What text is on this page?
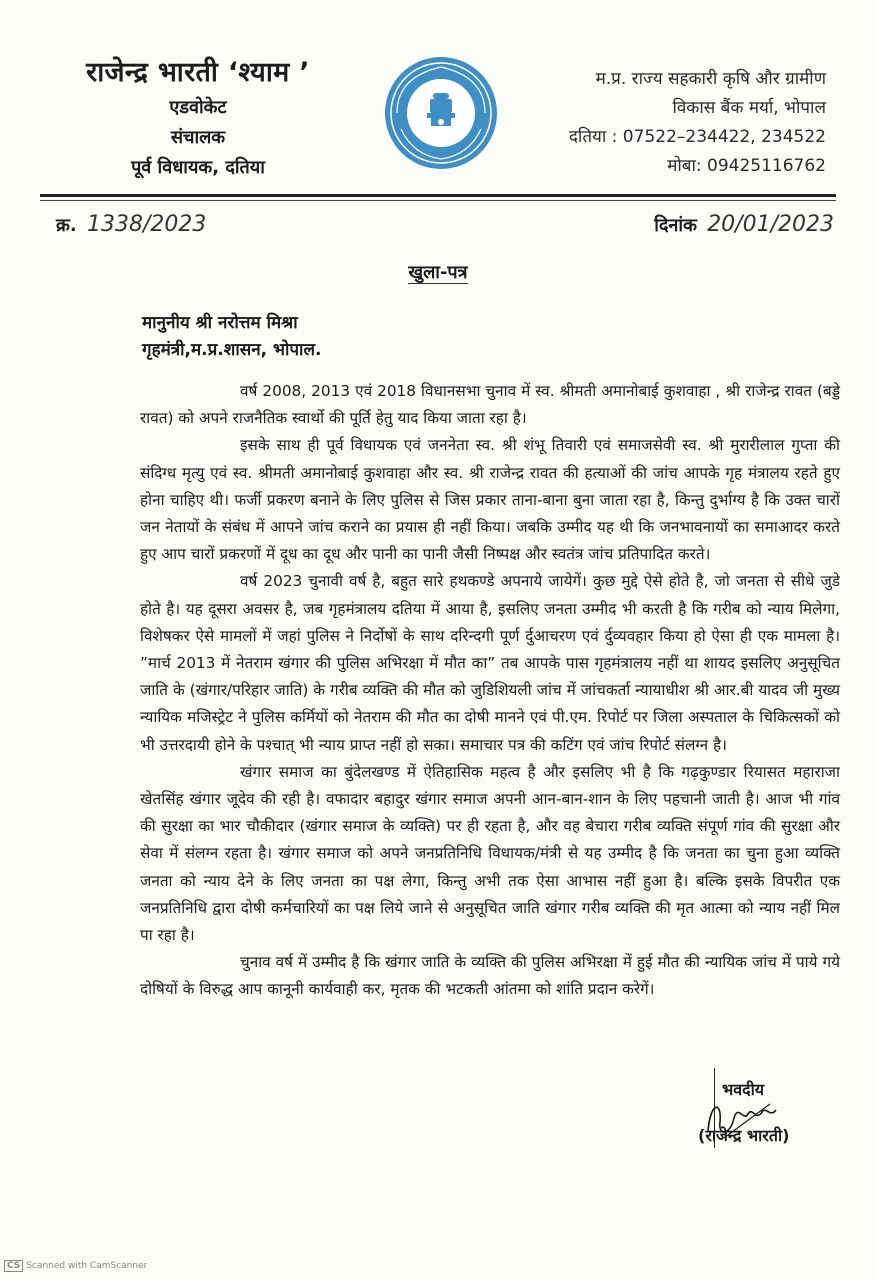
राजेन्द्र भारती ‘श्याम ’
एडवोकेट
संचालक
पूर्व विधायक, दतिया
म.प्र. राज्य सहकारी कृषि और ग्रामीण
विकास बैंक मर्या, भोपाल
दतिया : 07522–234422, 234522
मोबा: 09425116762
क्र. 1338/2023	दिनांक 20/01/2023
खुला-पत्र
मानुनीय श्री नरोत्तम मिश्रा
गृहमंत्री,म.प्र.शासन, भोपाल.

वर्ष 2008, 2013 एवं 2018 विधानसभा चुनाव में स्व. श्रीमती अमानोबाई कुशवाहा , श्री राजेन्द्र रावत (बड्डे रावत) को अपने राजनैतिक स्वार्थो की पूर्ति हेतु याद किया जाता रहा है।

इसके साथ ही पूर्व विधायक एवं जननेता स्व. श्री शंभू तिवारी एवं समाजसेवी स्व. श्री मुरारीलाल गुप्ता की संदिग्ध मृत्यु एवं स्व. श्रीमती अमानोबाई कुशवाहा और स्व. श्री राजेन्द्र रावत की हत्याओं की जांच आपके गृह मंत्रालय रहते हुए होना चाहिए थी। फर्जी प्रकरण बनाने के लिए पुलिस से जिस प्रकार ताना-बाना बुना जाता रहा है, किन्तु दुर्भाग्य है कि उक्त चारों जन नेतायों के संबंध में आपने जांच कराने का प्रयास ही नहीं किया। जबकि उम्मीद यह थी कि जनभावनायों का समाआदर करते हुए आप चारों प्रकरणों में दूध का दूध और पानी का पानी जैसी निष्पक्ष और स्वतंत्र जांच प्रतिपादित करते।

वर्ष 2023 चुनावी वर्ष है, बहुत सारे हथकण्डे अपनाये जायेगें। कुछ मुद्दे ऐसे होते है, जो जनता से सीधे जुडे होते है। यह दूसरा अवसर है, जब गृहमंत्रालय दतिया में आया है, इसलिए जनता उम्मीद भी करती है कि गरीब को न्याय मिलेगा, विशेषकर ऐसे मामलों में जहां पुलिस ने निर्दोषों के साथ दरिन्दगी पूर्ण र्दुआचरण एवं र्दुव्यवहार किया हो ऐसा ही एक मामला है। ”मार्च 2013 में नेतराम खंगार की पुलिस अभिरक्षा में मौत का” तब आपके पास गृहमंत्रालय नहीं था शायद इसलिए अनुसूचित जाति के (खंगार/परिहार जाति) के गरीब व्यक्ति की मौत को जुडिशियली जांच में जांचकर्ता न्यायाधीश श्री आर.बी यादव जी मुख्य न्यायिक मजिस्ट्रेट ने पुलिस कर्मियों को नेतराम की मौत का दोषी मानने एवं पी.एम. रिपोर्ट पर जिला अस्पताल के चिकित्सकों को भी उत्तरदायी होने के पश्चात् भी न्याय प्राप्त नहीं हो सका। समाचार पत्र की कटिंग एवं जांच रिपोर्ट संलग्न है।

खंगार समाज का बुंदेलखण्ड में ऐतिहासिक महत्व है और इसलिए भी है कि गढ़कुण्डार रियासत महाराजा खेतसिंह खंगार जूदेव की रही है। वफादार बहादुर खंगार समाज अपनी आन-बान-शान के लिए पहचानी जाती है। आज भी गांव की सुरक्षा का भार चौकीदार (खंगार समाज के व्यक्ति) पर ही रहता है, और वह बेचारा गरीब व्यक्ति संपूर्ण गांव की सुरक्षा और सेवा में संलग्न रहता है। खंगार समाज को अपने जनप्रतिनिधि विधायक/मंत्री से यह उम्मीद है कि जनता का चुना हुआ व्यक्ति जनता को न्याय देने के लिए जनता का पक्ष लेगा, किन्तु अभी तक ऐसा आभास नहीं हुआ है। बल्कि इसके विपरीत एक जनप्रतिनिधि द्वारा दोषी कर्मचारियों का पक्ष लिये जाने से अनुसूचित जाति खंगार गरीब व्यक्ति की मृत आत्मा को न्याय नहीं मिल पा रहा है।

चुनाव वर्ष में उम्मीद है कि खंगार जाति के व्यक्ति की पुलिस अभिरक्षा में हुई मौत की न्यायिक जांच में पाये गये दोषियों के विरुद्ध आप कानूनी कार्यवाही कर, मृतक की भटकती आंतमा को शांति प्रदान करेगें।

भवदीय
(राजेन्द्र भारती)
CS Scanned with CamScanner
